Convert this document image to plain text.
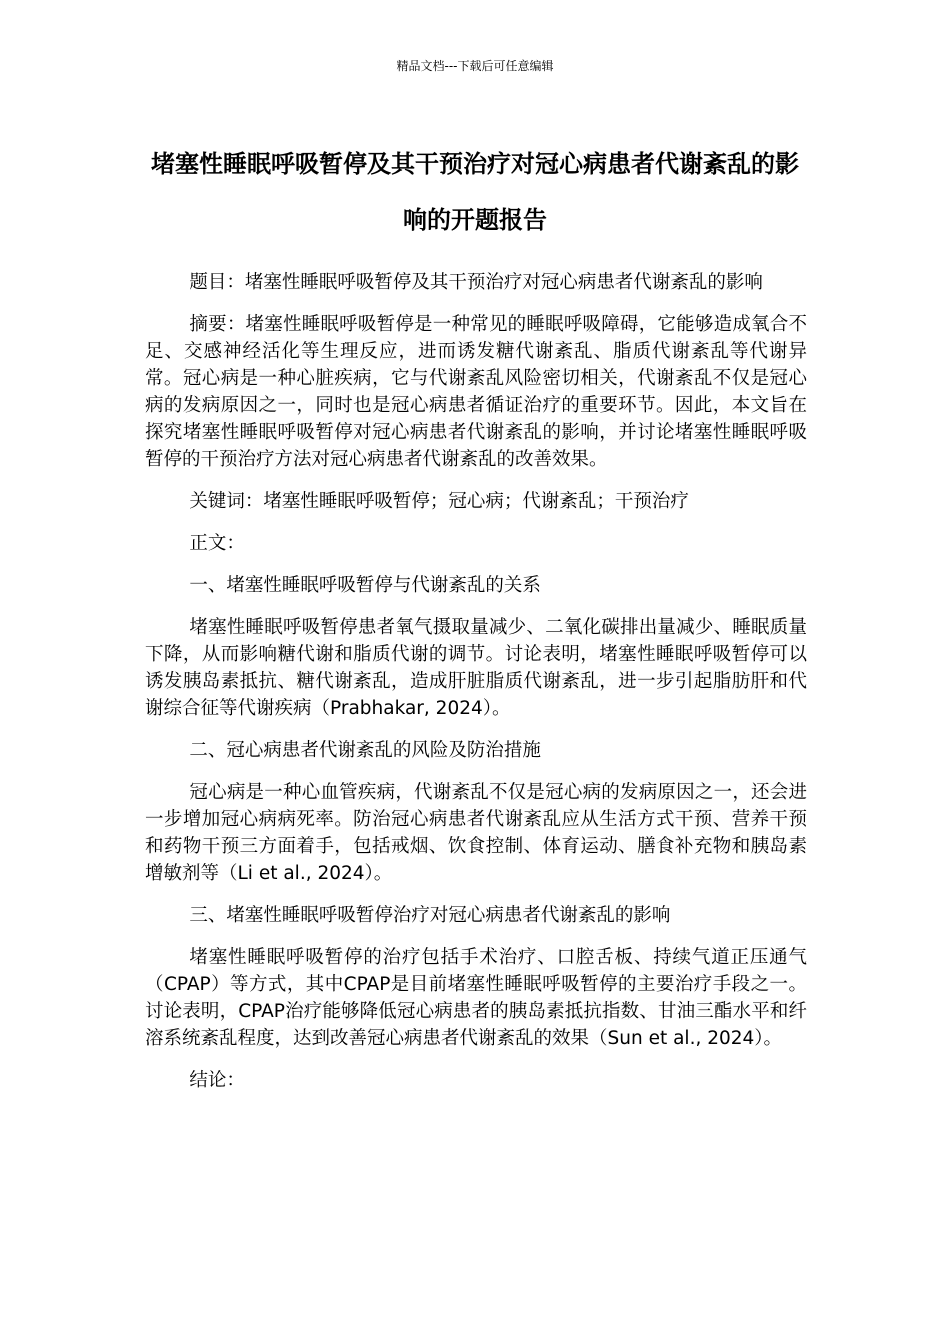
精品文档---下载后可任意编辑
堵塞性睡眠呼吸暂停及其干预治疗对冠心病患者代谢紊乱的影响的开题报告

题目：堵塞性睡眠呼吸暂停及其干预治疗对冠心病患者代谢紊乱的影响

摘要：堵塞性睡眠呼吸暂停是一种常见的睡眠呼吸障碍，它能够造成氧合不足、交感神经活化等生理反应，进而诱发糖代谢紊乱、脂质代谢紊乱等代谢异常。冠心病是一种心脏疾病，它与代谢紊乱风险密切相关，代谢紊乱不仅是冠心病的发病原因之一，同时也是冠心病患者循证治疗的重要环节。因此，本文旨在探究堵塞性睡眠呼吸暂停对冠心病患者代谢紊乱的影响，并讨论堵塞性睡眠呼吸暂停的干预治疗方法对冠心病患者代谢紊乱的改善效果。

关键词：堵塞性睡眠呼吸暂停；冠心病；代谢紊乱；干预治疗

正文：

一、堵塞性睡眠呼吸暂停与代谢紊乱的关系

堵塞性睡眠呼吸暂停患者氧气摄取量减少、二氧化碳排出量减少、睡眠质量下降，从而影响糖代谢和脂质代谢的调节。讨论表明，堵塞性睡眠呼吸暂停可以诱发胰岛素抵抗、糖代谢紊乱，造成肝脏脂质代谢紊乱，进一步引起脂肪肝和代谢综合征等代谢疾病（Prabhakar, 2024）。

二、冠心病患者代谢紊乱的风险及防治措施

冠心病是一种心血管疾病，代谢紊乱不仅是冠心病的发病原因之一，还会进一步增加冠心病病死率。防治冠心病患者代谢紊乱应从生活方式干预、营养干预和药物干预三方面着手，包括戒烟、饮食控制、体育运动、膳食补充物和胰岛素增敏剂等（Li et al., 2024）。

三、堵塞性睡眠呼吸暂停治疗对冠心病患者代谢紊乱的影响

堵塞性睡眠呼吸暂停的治疗包括手术治疗、口腔舌板、持续气道正压通气（CPAP）等方式，其中CPAP是目前堵塞性睡眠呼吸暂停的主要治疗手段之一。讨论表明，CPAP治疗能够降低冠心病患者的胰岛素抵抗指数、甘油三酯水平和纤溶系统紊乱程度，达到改善冠心病患者代谢紊乱的效果（Sun et al., 2024）。

结论：
